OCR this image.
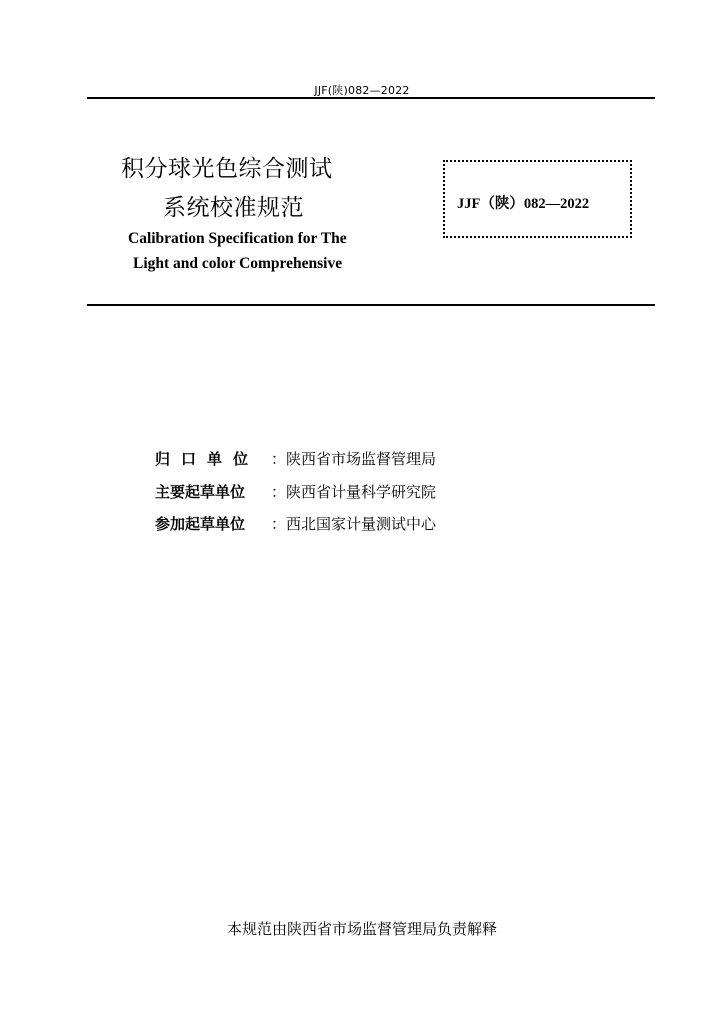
JJF(陕)082—2022
积分球光色综合测试
系统校准规范
Calibration Specification for The
Light and color Comprehensive
JJF（陕）082—2022
归口单位 ：陕西省市场监督管理局
主要起草单位 ：陕西省计量科学研究院
参加起草单位 ：西北国家计量测试中心
本规范由陕西省市场监督管理局负责解释
